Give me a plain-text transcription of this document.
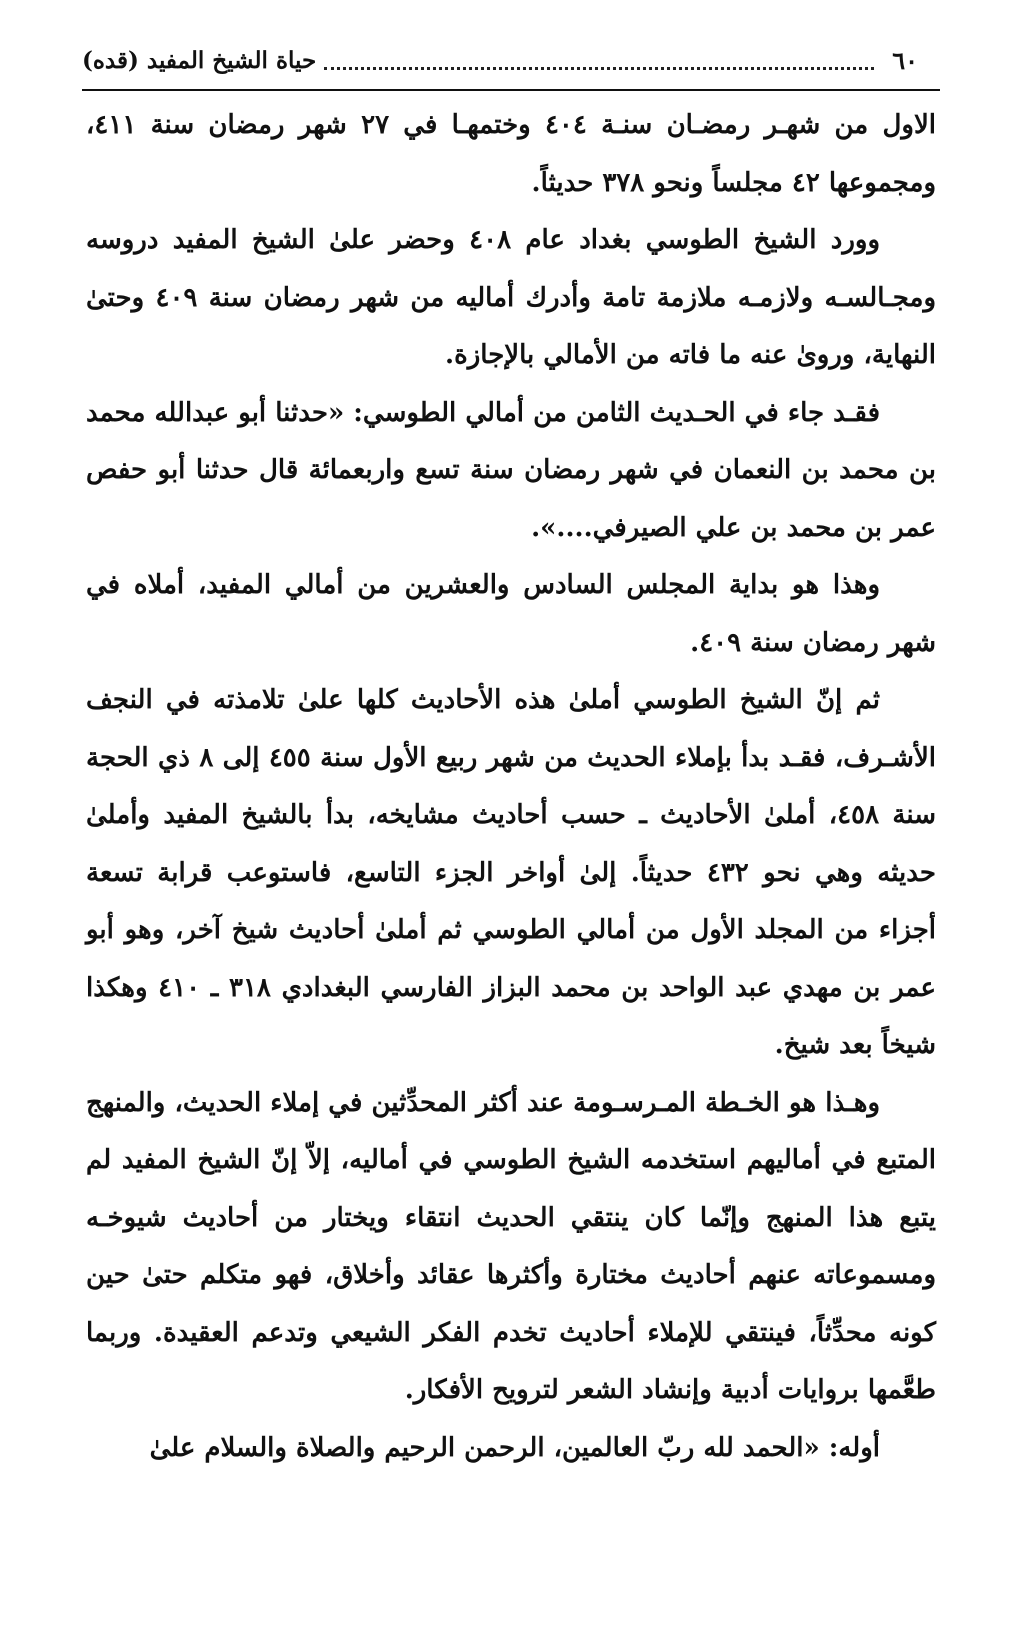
٦٠
حياة الشيخ المفيد (قده)

الاول من شهـر رمضـان سنـة ٤٠٤ وختمهـا في ٢٧ شهر رمضان سنة ٤١١، ومجموعها ٤٢ مجلساً ونحو ٣٧٨ حديثاً.

وورد الشيخ الطوسي بغداد عام ٤٠٨ وحضر علىٰ الشيخ المفيد دروسه ومجـالسـه ولازمـه ملازمة تامة وأدرك أماليه من شهر رمضان سنة ٤٠٩ وحتىٰ النهاية، وروىٰ عنه ما فاته من الأمالي بالإجازة.

فقـد جاء في الحـديث الثامن من أمالي الطوسي: «حدثنا أبو عبدالله محمد بن محمد بن النعمان في شهر رمضان سنة تسع واربعمائة قال حدثنا أبو حفص عمر بن محمد بن علي الصيرفي....».

وهذا هو بداية المجلس السادس والعشرين من أمالي المفيد، أملاه في شهر رمضان سنة ٤٠٩.

ثم إنّ الشيخ الطوسي أملىٰ هذه الأحاديث كلها علىٰ تلامذته في النجف الأشـرف، فقـد بدأ بإملاء الحديث من شهر ربيع الأول سنة ٤٥٥ إلى ٨ ذي الحجة سنة ٤٥٨، أملىٰ الأحاديث ـ حسب أحاديث مشايخه، بدأ بالشيخ المفيد وأملىٰ حديثه وهي نحو ٤٣٢ حديثاً. إلىٰ أواخر الجزء التاسع، فاستوعب قرابة تسعة أجزاء من المجلد الأول من أمالي الطوسي ثم أملىٰ أحاديث شيخ آخر، وهو أبو عمر بن مهدي عبد الواحد بن محمد البزاز الفارسي البغدادي ٣١٨ ـ ٤١٠ وهكذا شيخاً بعد شيخ.

وهـذا هو الخـطة المـرسـومة عند أكثر المحدِّثين في إملاء الحديث، والمنهج المتبع في أماليهم استخدمه الشيخ الطوسي في أماليه، إلاّ إنّ الشيخ المفيد لم يتبع هذا المنهج وإنّما كان ينتقي الحديث انتقاء ويختار من أحاديث شيوخـه ومسموعاته عنهم أحاديث مختارة وأكثرها عقائد وأخلاق، فهو متكلم حتىٰ حين كونه محدِّثاً، فينتقي للإملاء أحاديث تخدم الفكر الشيعي وتدعم العقيدة. وربما طعَّمها بروايات أدبية وإنشاد الشعر لترويح الأفكار.

أوله: «الحمد لله ربّ العالمين، الرحمن الرحيم والصلاة والسلام علىٰ
